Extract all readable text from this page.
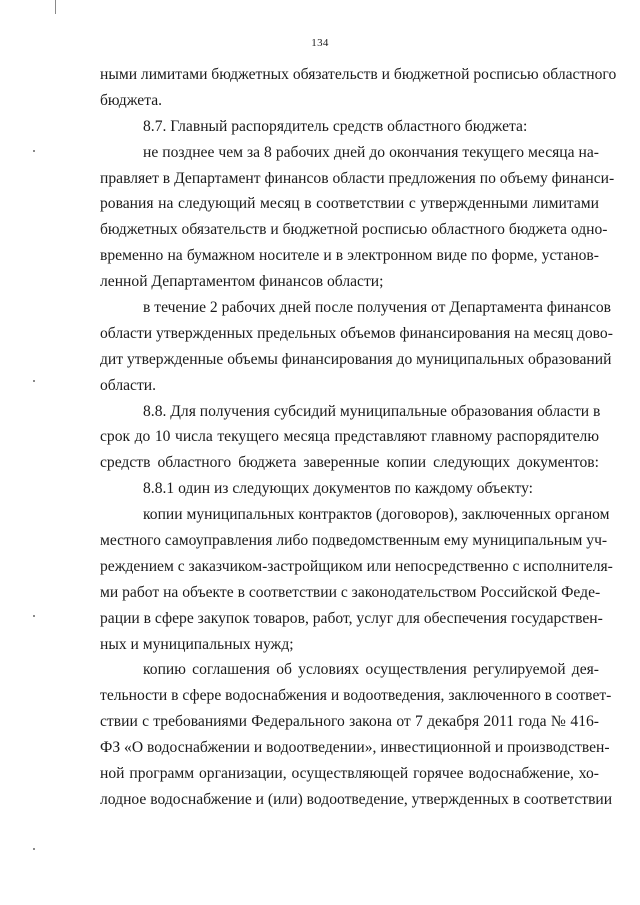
134
ными лимитами бюджетных обязательств и бюджетной росписью областного
бюджета.
8.7. Главный распорядитель средств областного бюджета:
не позднее чем за 8 рабочих дней до окончания текущего месяца на-
правляет в Департамент финансов области предложения по объему финанси-
рования на следующий месяц в соответствии с утвержденными лимитами
бюджетных обязательств и бюджетной росписью областного бюджета одно-
временно на бумажном носителе и в электронном виде по форме, установ-
ленной Департаментом финансов области;
в течение 2 рабочих дней после получения от Департамента финансов
области утвержденных предельных объемов финансирования на месяц дово-
дит утвержденные объемы финансирования до муниципальных образований
области.
8.8. Для получения субсидий муниципальные образования области в
срок до 10 числа текущего месяца представляют главному распорядителю
средств областного бюджета заверенные копии следующих документов:
8.8.1 один из следующих документов по каждому объекту:
копии муниципальных контрактов (договоров), заключенных органом
местного самоуправления либо подведомственным ему муниципальным уч-
реждением с заказчиком-застройщиком или непосредственно с исполнителя-
ми работ на объекте в соответствии с законодательством Российской Феде-
рации в сфере закупок товаров, работ, услуг для обеспечения государствен-
ных и муниципальных нужд;
копию соглашения об условиях осуществления регулируемой дея-
тельности в сфере водоснабжения и водоотведения, заключенного в соответ-
ствии с требованиями Федерального закона от 7 декабря 2011 года № 416-
ФЗ «О водоснабжении и водоотведении», инвестиционной и производствен-
ной программ организации, осуществляющей горячее водоснабжение, хо-
лодное водоснабжение и (или) водоотведение, утвержденных в соответствии
